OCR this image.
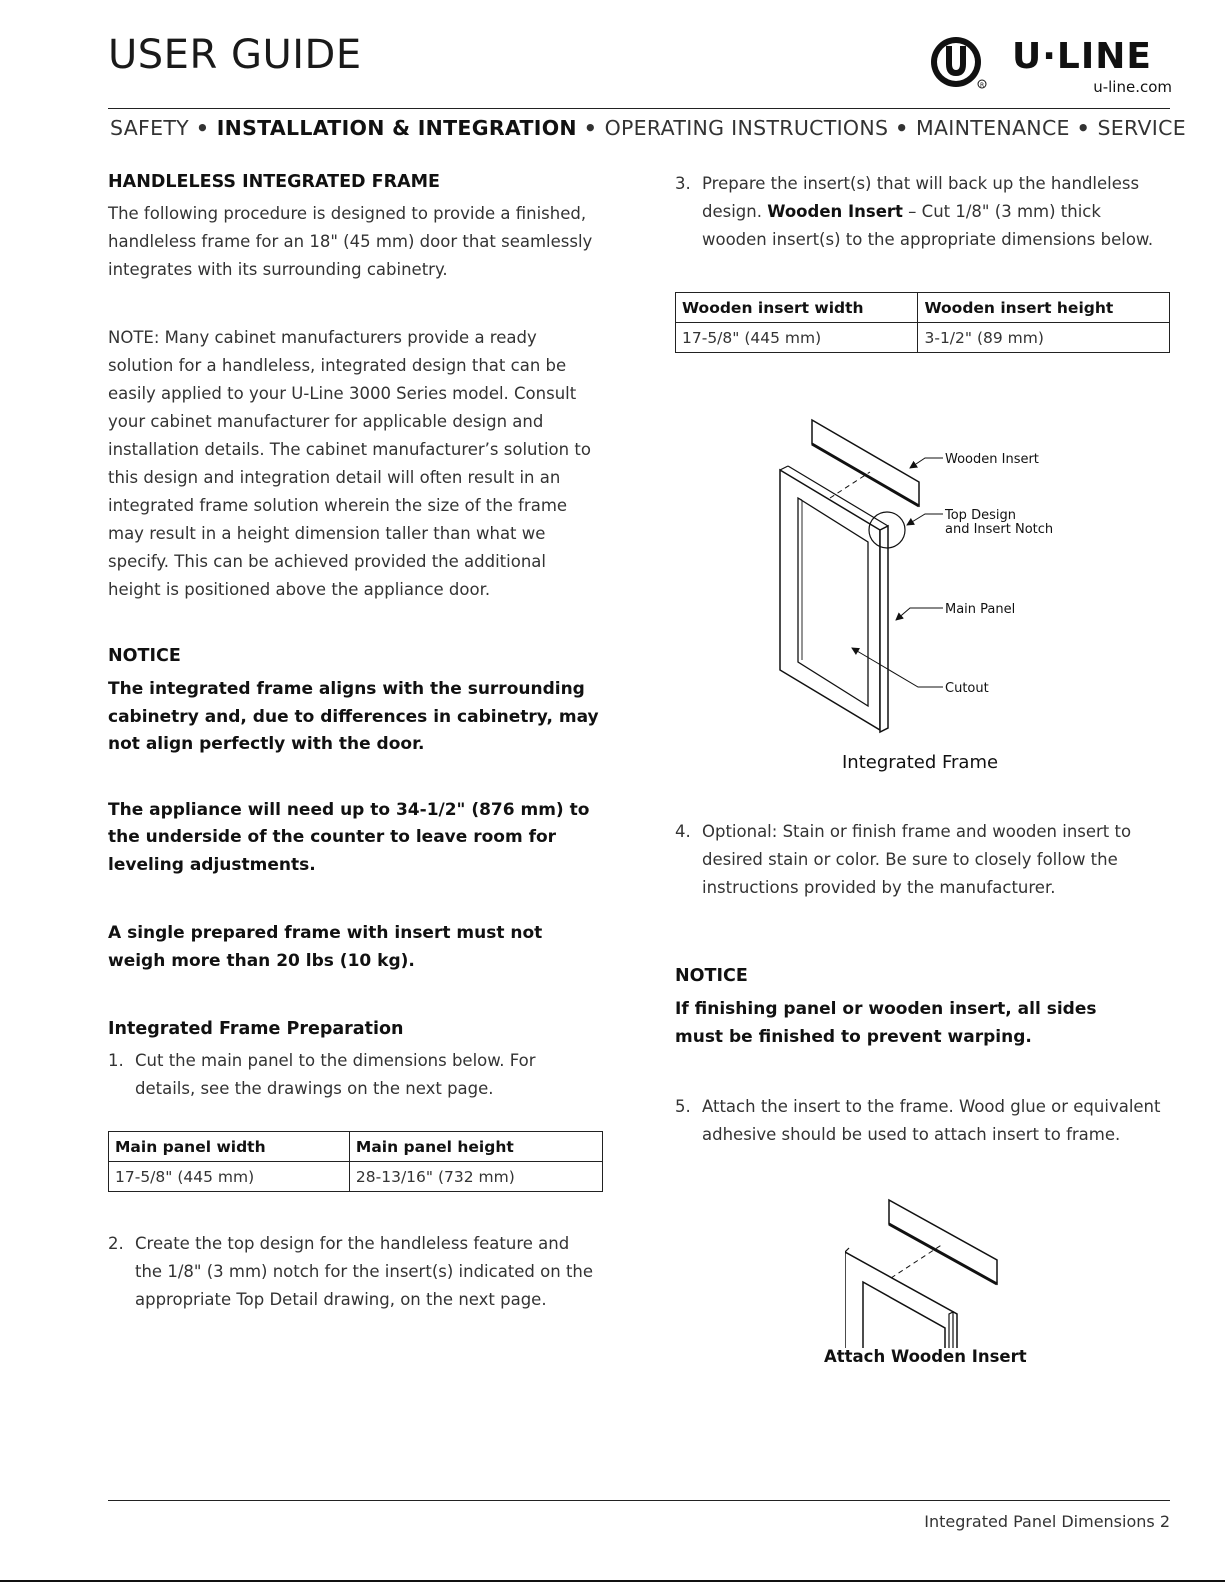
USER GUIDE
R
U·LINE
u-line.com
SAFETY • INSTALLATION & INTEGRATION • OPERATING INSTRUCTIONS • MAINTENANCE • SERVICE
HANDLELESS INTEGRATED FRAME

The following procedure is designed to provide a finished, handleless frame for an 18" (45 mm) door that seamlessly integrates with its surrounding cabinetry.

NOTE: Many cabinet manufacturers provide a ready solution for a handleless, integrated design that can be easily applied to your U-Line 3000 Series model. Consult your cabinet manufacturer for applicable design and installation details. The cabinet manufacturer’s solution to this design and integration detail will often result in an integrated frame solution wherein the size of the frame may result in a height dimension taller than what we specify. This can be achieved provided the additional height is positioned above the appliance door.

NOTICE

The integrated frame aligns with the surrounding cabinetry and, due to differences in cabinetry, may not align perfectly with the door.

The appliance will need up to 34-1/2" (876 mm) to the underside of the counter to leave room for leveling adjustments.

A single prepared frame with insert must not weigh more than 20 lbs (10 kg).

Integrated Frame Preparation
1. Cut the main panel to the dimensions below. For details, see the drawings on the next page.
Main panel width	Main panel height
17-5/8" (445 mm)	28-13/16" (732 mm)
2. Create the top design for the handleless feature and the 1/8" (3 mm) notch for the insert(s) indicated on the appropriate Top Detail drawing, on the next page.
3. Prepare the insert(s) that will back up the handleless design. Wooden Insert – Cut 1/8" (3 mm) thick wooden insert(s) to the appropriate dimensions below.
Wooden insert width	Wooden insert height
17-5/8" (445 mm)	3-1/2" (89 mm)
Wooden Insert
Top Design
and Insert Notch
Main Panel
Cutout
Integrated Frame
4. Optional: Stain or finish frame and wooden insert to desired stain or color. Be sure to closely follow the instructions provided by the manufacturer.
NOTICE

If finishing panel or wooden insert, all sides must be finished to prevent warping.

5. Attach the insert to the frame. Wood glue or equivalent adhesive should be used to attach insert to frame.
Attach Wooden Insert
Integrated Panel Dimensions 2
